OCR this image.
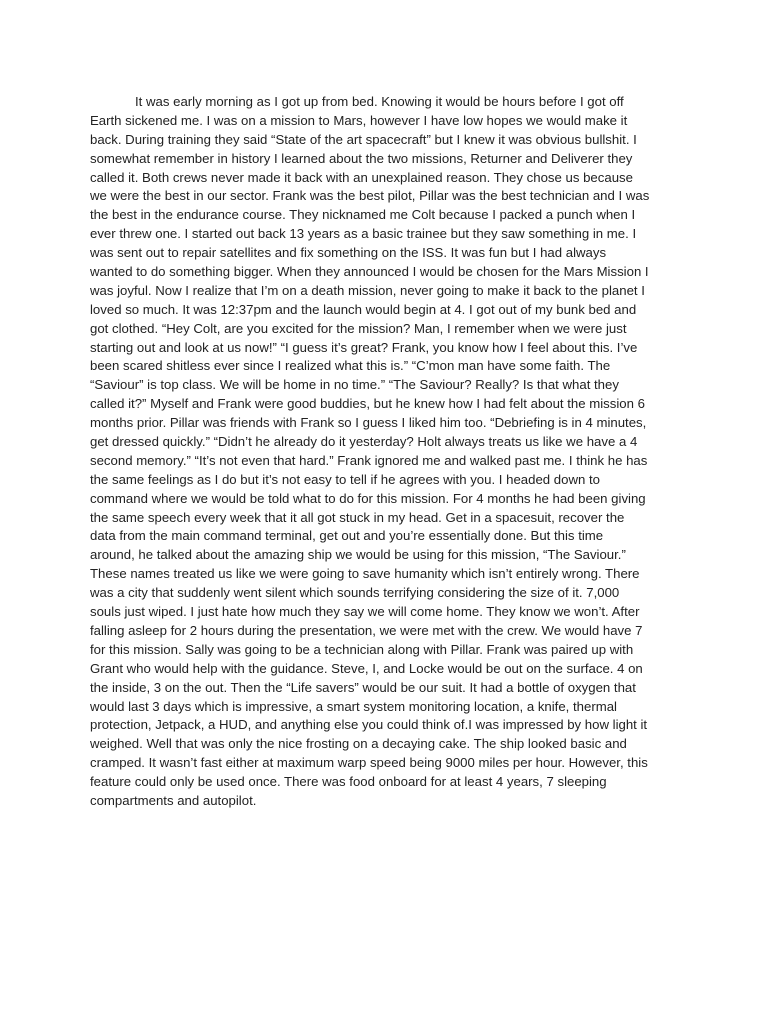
It was early morning as I got up from bed. Knowing it would be hours before I got off
Earth sickened me. I was on a mission to Mars, however I have low hopes we would make it
back. During training they said “State of the art spacecraft” but I knew it was obvious bullshit. I
somewhat remember in history I learned about the two missions, Returner and Deliverer they
called it. Both crews never made it back with an unexplained reason. They chose us because
we were the best in our sector. Frank was the best pilot, Pillar was the best technician and I was
the best in the endurance course. They nicknamed me Colt because I packed a punch when I
ever threw one. I started out back 13 years as a basic trainee but they saw something in me. I
was sent out to repair satellites and fix something on the ISS. It was fun but I had always
wanted to do something bigger. When they announced I would be chosen for the Mars Mission I
was joyful. Now I realize that I’m on a death mission, never going to make it back to the planet I
loved so much. It was 12:37pm and the launch would begin at 4. I got out of my bunk bed and
got clothed. “Hey Colt, are you excited for the mission? Man, I remember when we were just
starting out and look at us now!” “I guess it’s great? Frank, you know how I feel about this. I’ve
been scared shitless ever since I realized what this is.” “C’mon man have some faith. The
“Saviour” is top class. We will be home in no time.” “The Saviour? Really? Is that what they
called it?” Myself and Frank were good buddies, but he knew how I had felt about the mission 6
months prior. Pillar was friends with Frank so I guess I liked him too. “Debriefing is in 4 minutes,
get dressed quickly.” “Didn’t he already do it yesterday? Holt always treats us like we have a 4
second memory.” “It’s not even that hard.” Frank ignored me and walked past me. I think he has
the same feelings as I do but it’s not easy to tell if he agrees with you. I headed down to
command where we would be told what to do for this mission. For 4 months he had been giving
the same speech every week that it all got stuck in my head. Get in a spacesuit, recover the
data from the main command terminal, get out and you’re essentially done. But this time
around, he talked about the amazing ship we would be using for this mission, “The Saviour.”
These names treated us like we were going to save humanity which isn’t entirely wrong. There
was a city that suddenly went silent which sounds terrifying considering the size of it. 7,000
souls just wiped. I just hate how much they say we will come home. They know we won’t. After
falling asleep for 2 hours during the presentation, we were met with the crew. We would have 7
for this mission. Sally was going to be a technician along with Pillar. Frank was paired up with
Grant who would help with the guidance. Steve, I, and Locke would be out on the surface. 4 on
the inside, 3 on the out. Then the “Life savers” would be our suit. It had a bottle of oxygen that
would last 3 days which is impressive, a smart system monitoring location, a knife, thermal
protection, Jetpack, a HUD, and anything else you could think of.I was impressed by how light it
weighed. Well that was only the nice frosting on a decaying cake. The ship looked basic and
cramped. It wasn’t fast either at maximum warp speed being 9000 miles per hour. However, this
feature could only be used once. There was food onboard for at least 4 years, 7 sleeping
compartments and autopilot.
